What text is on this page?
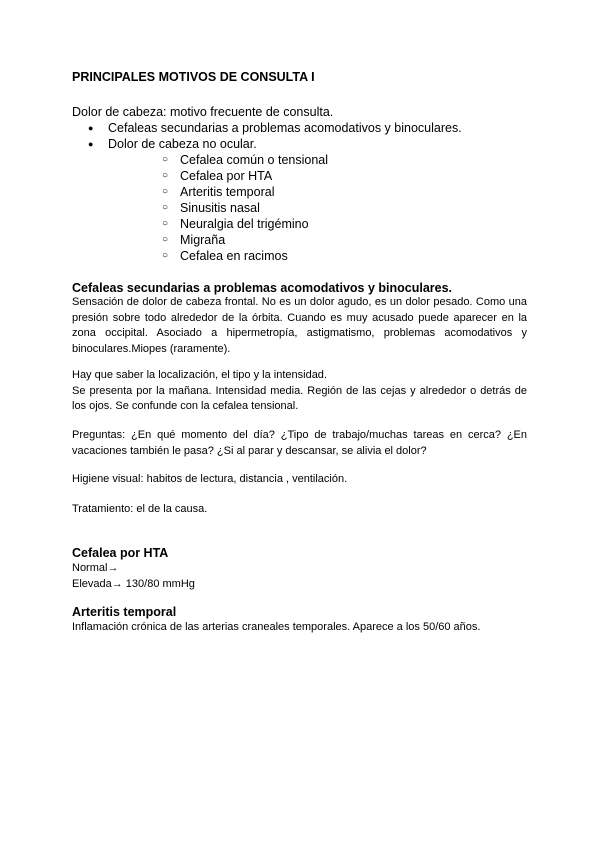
PRINCIPALES MOTIVOS DE CONSULTA I
Dolor de cabeza: motivo frecuente de consulta.
● Cefaleas secundarias a problemas acomodativos y binoculares.
● Dolor de cabeza no ocular.
○ Cefalea común o tensional
○ Cefalea por HTA
○ Arteritis temporal
○ Sinusitis nasal
○ Neuralgia del trigémino
○ Migraña
○ Cefalea en racimos
Cefaleas secundarias a problemas acomodativos y binoculares.
Sensación de dolor de cabeza frontal. No es un dolor agudo, es un dolor pesado. Como una presión sobre todo alrededor de la órbita. Cuando es muy acusado puede aparecer en la zona occipital. Asociado a hipermetropía, astigmatismo, problemas acomodativos y binoculares.Miopes (raramente).
Hay que saber la localización, el tipo y la intensidad.
Se presenta por la mañana. Intensidad media. Región de las cejas y alrededor o detrás de los ojos. Se confunde con la cefalea tensional.
Preguntas: ¿En qué momento del día? ¿Tipo de trabajo/muchas tareas en cerca? ¿En vacaciones también le pasa? ¿Si al parar y descansar, se alivia el dolor?
Higiene visual: habitos de lectura, distancia , ventilación.
Tratamiento: el de la causa.
Cefalea por HTA
Normal→
Elevada→ 130/80 mmHg
Arteritis temporal
Inflamación crónica de las arterias craneales temporales. Aparece a los 50/60 años.
